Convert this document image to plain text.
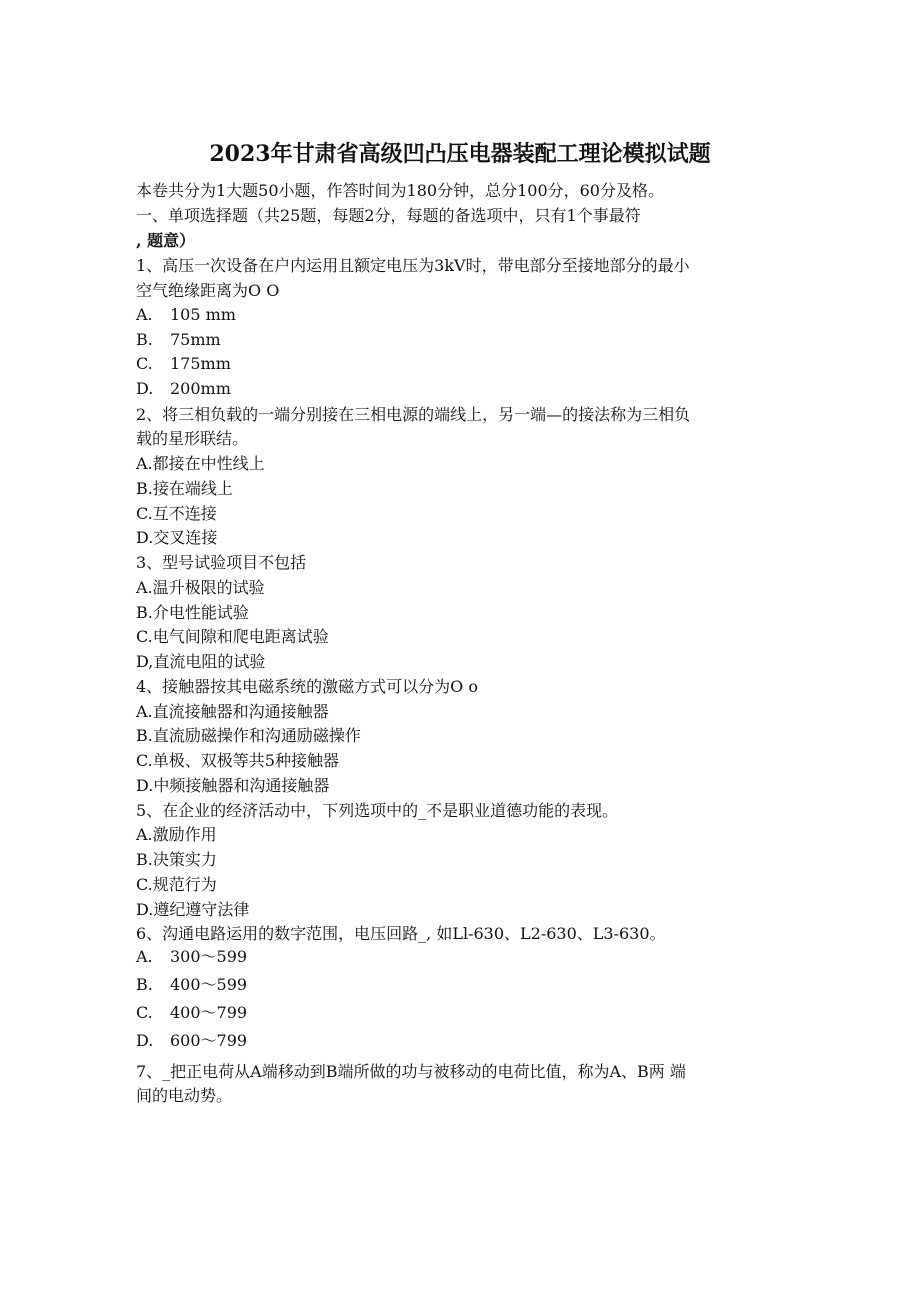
2023年甘肃省高级凹凸压电器装配工理论模拟试题
本卷共分为1大题50小题，作答时间为180分钟，总分100分，60分及格。
一、单项选择题（共25题，每题2分，每题的备选项中，只有1个事最符
, 题意）
1、高压一次设备在户内运用且额定电压为3kV时，带电部分至接地部分的最小
空气绝缘距离为O O
A. 105 mm
B. 75mm
C. 175mm
D. 200mm
2、将三相负载的一端分别接在三相电源的端线上，另一端—的接法称为三相负
载的星形联结。
A.都接在中性线上
B.接在端线上
C.互不连接
D.交叉连接
3、型号试验项目不包括
A.温升极限的试验
B.介电性能试验
C.电气间隙和爬电距离试验
D,直流电阻的试验
4、接触器按其电磁系统的激磁方式可以分为O o
A.直流接触器和沟通接触器
B.直流励磁操作和沟通励磁操作
C.单极、双极等共5种接触器
D.中频接触器和沟通接触器
5、在企业的经济活动中，下列选项中的_不是职业道德功能的表现。
A.激励作用
B.决策实力
C.规范行为
D.遵纪遵守法律
6、沟通电路运用的数字范围，电压回路_, 如Ll-630、L2-630、L3-630。
A. 300～599
B. 400～599
C. 400～799
D. 600～799
7、_把正电荷从A端移动到B端所做的功与被移动的电荷比值，称为A、B两 端
间的电动势。
